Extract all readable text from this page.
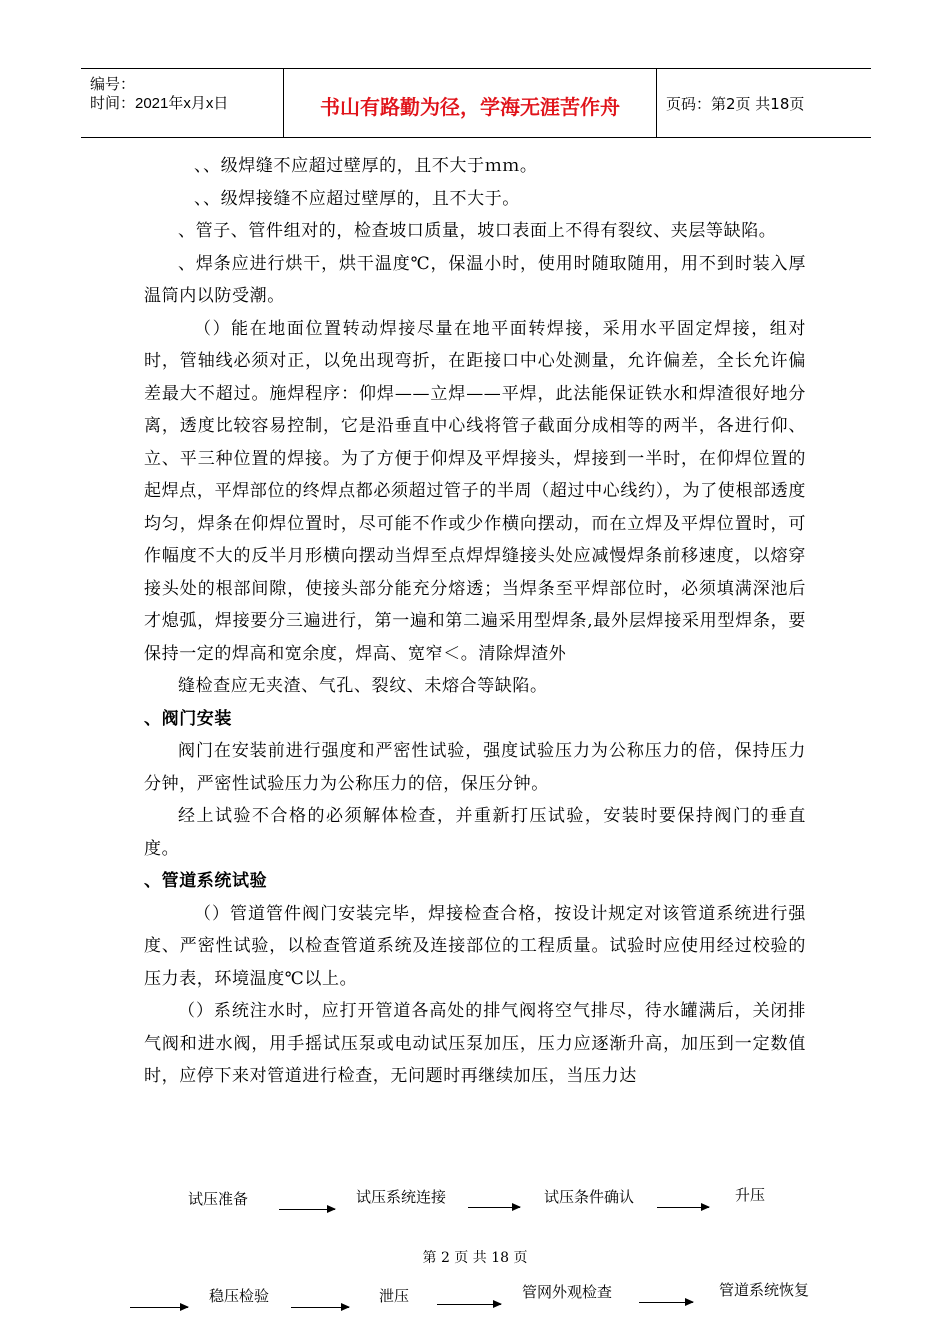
编号：
时间：2021年x月x日	书山有路勤为径，学海无涯苦作舟	页码：第2页 共18页

、、级焊缝不应超过壁厚的，且不大于ｍｍ。

、、级焊接缝不应超过壁厚的，且不大于。

、管子、管件组对的，检查坡口质量，坡口表面上不得有裂纹、夹层等缺陷。

、焊条应进行烘干，烘干温度℃，保温小时，使用时随取随用，用不到时装入厚温筒内以防受潮。

（）能在地面位置转动焊接尽量在地平面转焊接，采用水平固定焊接，组对时，管轴线必须对正，以免出现弯折，在距接口中心处测量，允许偏差，全长允许偏差最大不超过。施焊程序：仰焊——立焊——平焊，此法能保证铁水和焊渣很好地分离，透度比较容易控制，它是沿垂直中心线将管子截面分成相等的两半，各进行仰、立、平三种位置的焊接。为了方便于仰焊及平焊接头，焊接到一半时，在仰焊位置的起焊点，平焊部位的终焊点都必须超过管子的半周（超过中心线约），为了使根部透度均匀，焊条在仰焊位置时，尽可能不作或少作横向摆动，而在立焊及平焊位置时，可作幅度不大的反半月形横向摆动当焊至点焊焊缝接头处应减慢焊条前移速度，以熔穿接头处的根部间隙，使接头部分能充分熔透；当焊条至平焊部位时，必须填满深池后才熄弧，焊接要分三遍进行，第一遍和第二遍采用型焊条,最外层焊接采用型焊条，要保持一定的焊高和宽余度，焊高、宽窄＜。清除焊渣外

缝检查应无夹渣、气孔、裂纹、未熔合等缺陷。

、阀门安装

阀门在安装前进行强度和严密性试验，强度试验压力为公称压力的倍，保持压力分钟，严密性试验压力为公称压力的倍，保压分钟。

经上试验不合格的必须解体检查，并重新打压试验，安装时要保持阀门的垂直度。

、管道系统试验

（）管道管件阀门安装完毕，焊接检查合格，按设计规定对该管道系统进行强度、严密性试验，以检查管道系统及连接部位的工程质量。试验时应使用经过校验的压力表，环境温度℃以上。

（）系统注水时，应打开管道各高处的排气阀将空气排尽，待水罐满后，关闭排气阀和进水阀，用手摇试压泵或电动试压泵加压，压力应逐渐升高，加压到一定数值时，应停下来对管道进行检查，无问题时再继续加压，当压力达

试压准备	试压系统连接	试压条件确认	升压
第 2 页 共 18 页
稳压检验	泄压	管网外观检查	管道系统恢复
